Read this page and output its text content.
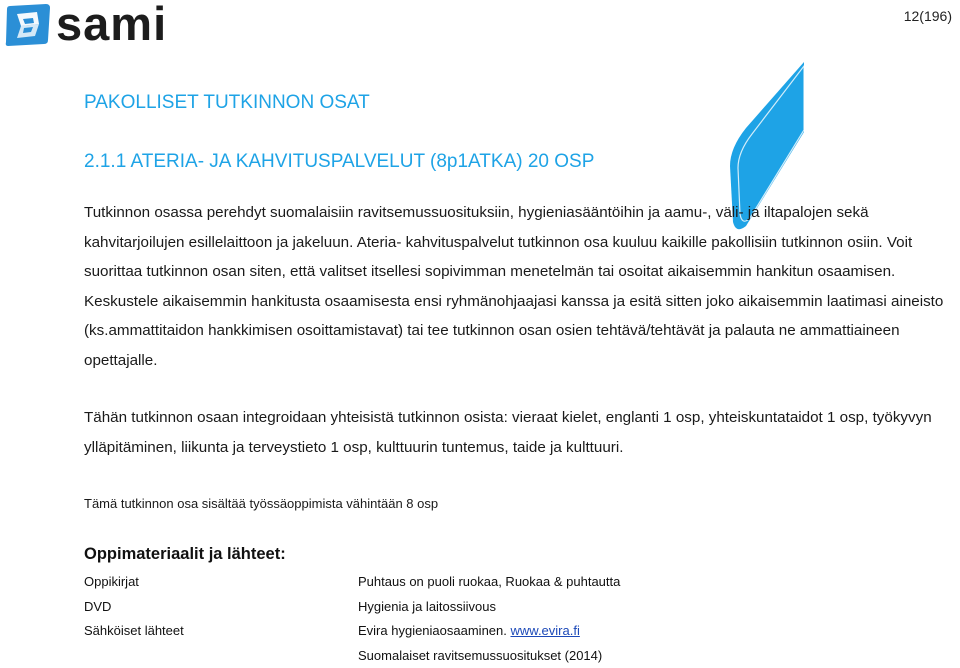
sami	12(196)
PAKOLLISET TUTKINNON OSAT
2.1.1 ATERIA- JA KAHVITUSPALVELUT (8p1ATKA) 20 OSP

Tutkinnon osassa perehdyt suomalaisiin ravitsemussuosituksiin, hygieniasääntöihin ja aamu-, väli- ja iltapalojen sekä kahvitarjoilujen esillelaittoon ja jakeluun. Ateria- kahvituspalvelut tutkinnon osa kuuluu kaikille pakollisiin tutkinnon osiin. Voit suorittaa tutkinnon osan siten, että valitset itsellesi sopivimman menetelmän tai osoitat aikaisemmin hankitun osaamisen. Keskustele aikaisemmin hankitusta osaamisesta ensi ryhmänohjaajasi kanssa ja esitä sitten joko aikaisemmin laatimasi aineisto (ks.ammattitaidon hankkimisen osoittamistavat) tai tee tutkinnon osan osien tehtävä/tehtävät ja palauta ne ammattiaineen opettajalle.

Tähän tutkinnon osaan integroidaan yhteisistä tutkinnon osista: vieraat kielet, englanti 1 osp, yhteiskuntataidot 1 osp, työkyvyn ylläpitäminen, liikunta ja terveystieto 1 osp, kulttuurin tuntemus, taide ja kulttuuri.

Tämä tutkinnon osa sisältää työssäoppimista vähintään 8 osp
Oppimateriaalit ja lähteet:
Oppikirjat
DVD
Sähköiset lähteet
Puhtaus on puoli ruokaa, Ruokaa & puhtautta
Hygienia ja laitossiivous
Evira hygieniaosaaminen. www.evira.fi
Suomalaiset ravitsemussuositukset (2014)
